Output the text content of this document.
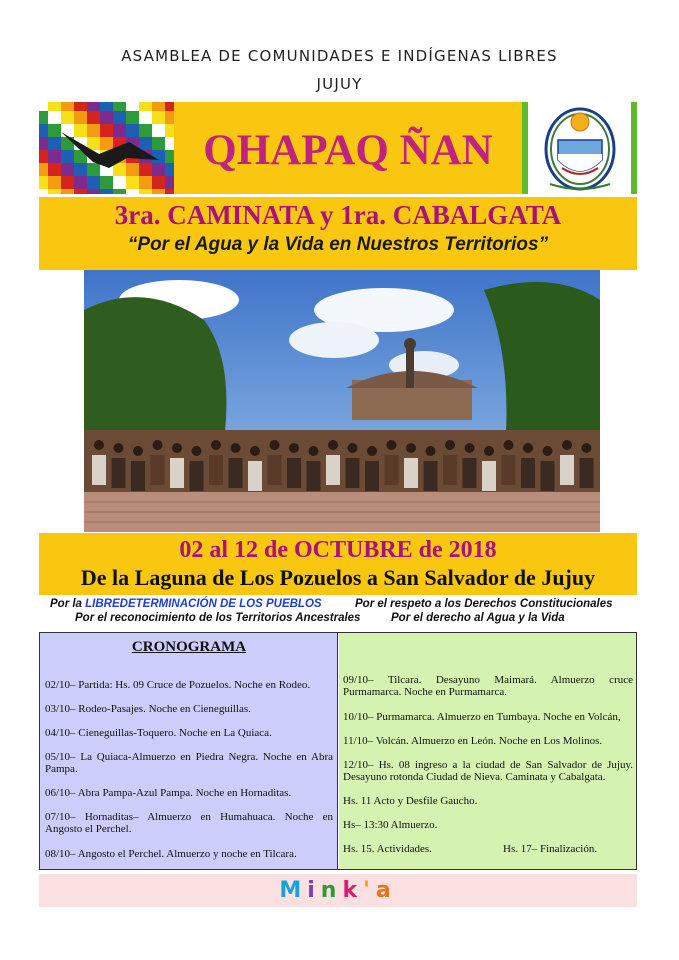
ASAMBLEA DE COMUNIDADES E INDÍGENAS LIBRES
JUJUY
QHAPAQ ÑAN
3ra. CAMINATA y 1ra. CABALGATA
“Por el Agua y la Vida en Nuestros Territorios”
02 al 12 de OCTUBRE de 2018
De la Laguna de Los Pozuelos a San Salvador de Jujuy
Por la LIBREDETERMINACIÓN DE LOS PUEBLOS	Por el respeto a los Derechos Constitucionales
Por el reconocimiento de los Territorios Ancestrales	Por el derecho al Agua y la Vida
CRONOGRAMA
02/10– Partida: Hs. 09 Cruce de Pozuelos. Noche en Rodeo.
03/10– Rodeo-Pasajes. Noche en Cieneguillas.
04/10– Cieneguillas-Toquero. Noche en La Quiaca.
05/10– La Quiaca-Almuerzo en Piedra Negra. Noche en Abra Pampa.
06/10– Abra Pampa-Azul Pampa. Noche en Hornaditas.
07/10– Hornaditas– Almuerzo en Humahuaca. Noche en Angosto el Perchel.
08/10– Angosto el Perchel. Almuerzo y noche en Tilcara.
09/10– Tilcara. Desayuno Maimará. Almuerzo cruce Purmamarca. Noche en Purmamarca.
10/10– Purmamarca. Almuerzo en Tumbaya. Noche en Volcán,
11/10– Volcán. Almuerzo en León. Noche en Los Molinos.
12/10– Hs. 08 ingreso a la ciudad de San Salvador de Jujuy. Desayuno rotonda Ciudad de Nieva. Caminata y Cabalgata.
Hs. 11 Acto y Desfile Gaucho.
Hs– 13:30 Almuerzo.
Hs. 15. Actividades.	Hs. 17– Finalización.
Mink'a
